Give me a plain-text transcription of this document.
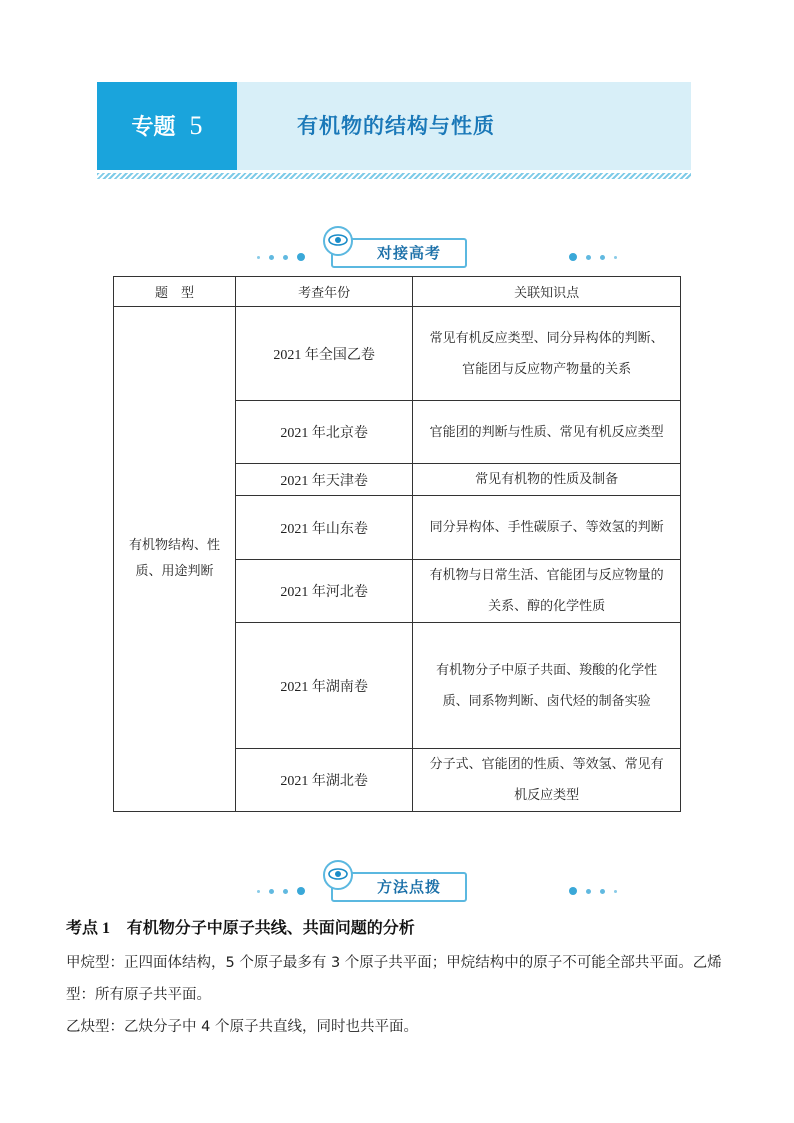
专题 5	有机物的结构与性质
对接高考
题　型	考查年份	关联知识点
有机物结构、性质、用途判断	2021 年全国乙卷	常见有机反应类型、同分异构体的判断、官能团与反应物产物量的关系
	2021 年北京卷	官能团的判断与性质、常见有机反应类型
	2021 年天津卷	常见有机物的性质及制备
	2021 年山东卷	同分异构体、手性碳原子、等效氢的判断
	2021 年河北卷	有机物与日常生活、官能团与反应物量的关系、醇的化学性质
	2021 年湖南卷	有机物分子中原子共面、羧酸的化学性质、同系物判断、卤代烃的制备实验
	2021 年湖北卷	分子式、官能团的性质、等效氢、常见有机反应类型
方法点拨
考点 1 有机物分子中原子共线、共面问题的分析
甲烷型：正四面体结构，5 个原子最多有 3 个原子共平面；甲烷结构中的原子不可能全部共平面。乙烯型：所有原子共平面。
乙炔型：乙炔分子中 4 个原子共直线，同时也共平面。
